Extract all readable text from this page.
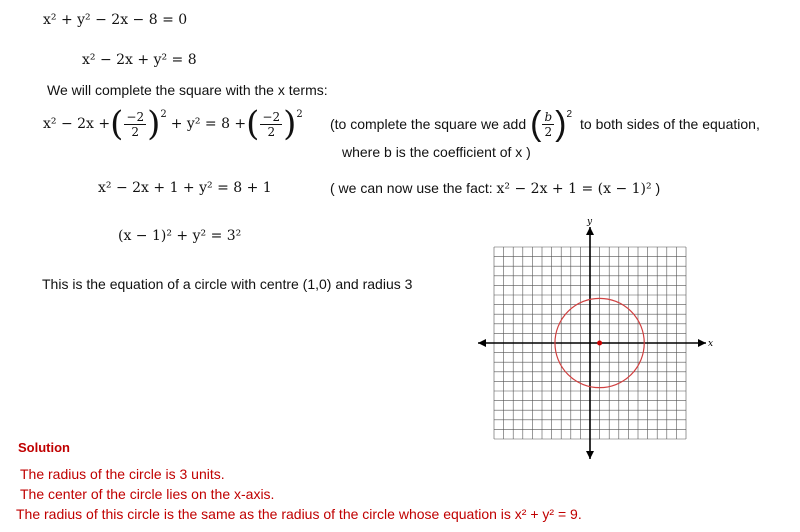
x² + y² − 2x − 8 = 0
x² − 2x + y² = 8
We will complete the square with the x terms:
x² − 2x + ( $\frac{-2}{2}$ ) 2
+ y² = 8 + ( $\frac{-2}{2}$ ) 2
(to complete the square we add ( $\frac{b}{2}$ ) 2
to both sides of the equation,
where b is the coefficient of x )
x² − 2x + 1 + y² = 8 + 1	( we can now use the fact: x² − 2x + 1 = (x − 1)² )
(x − 1)² + y² = 3²
This is the equation of a circle with centre (1,0) and radius 3
x
y
Solution
The radius of the circle is 3 units.
The center of the circle lies on the x-axis.
The radius of this circle is the same as the radius of the circle whose equation is x² + y² = 9.
